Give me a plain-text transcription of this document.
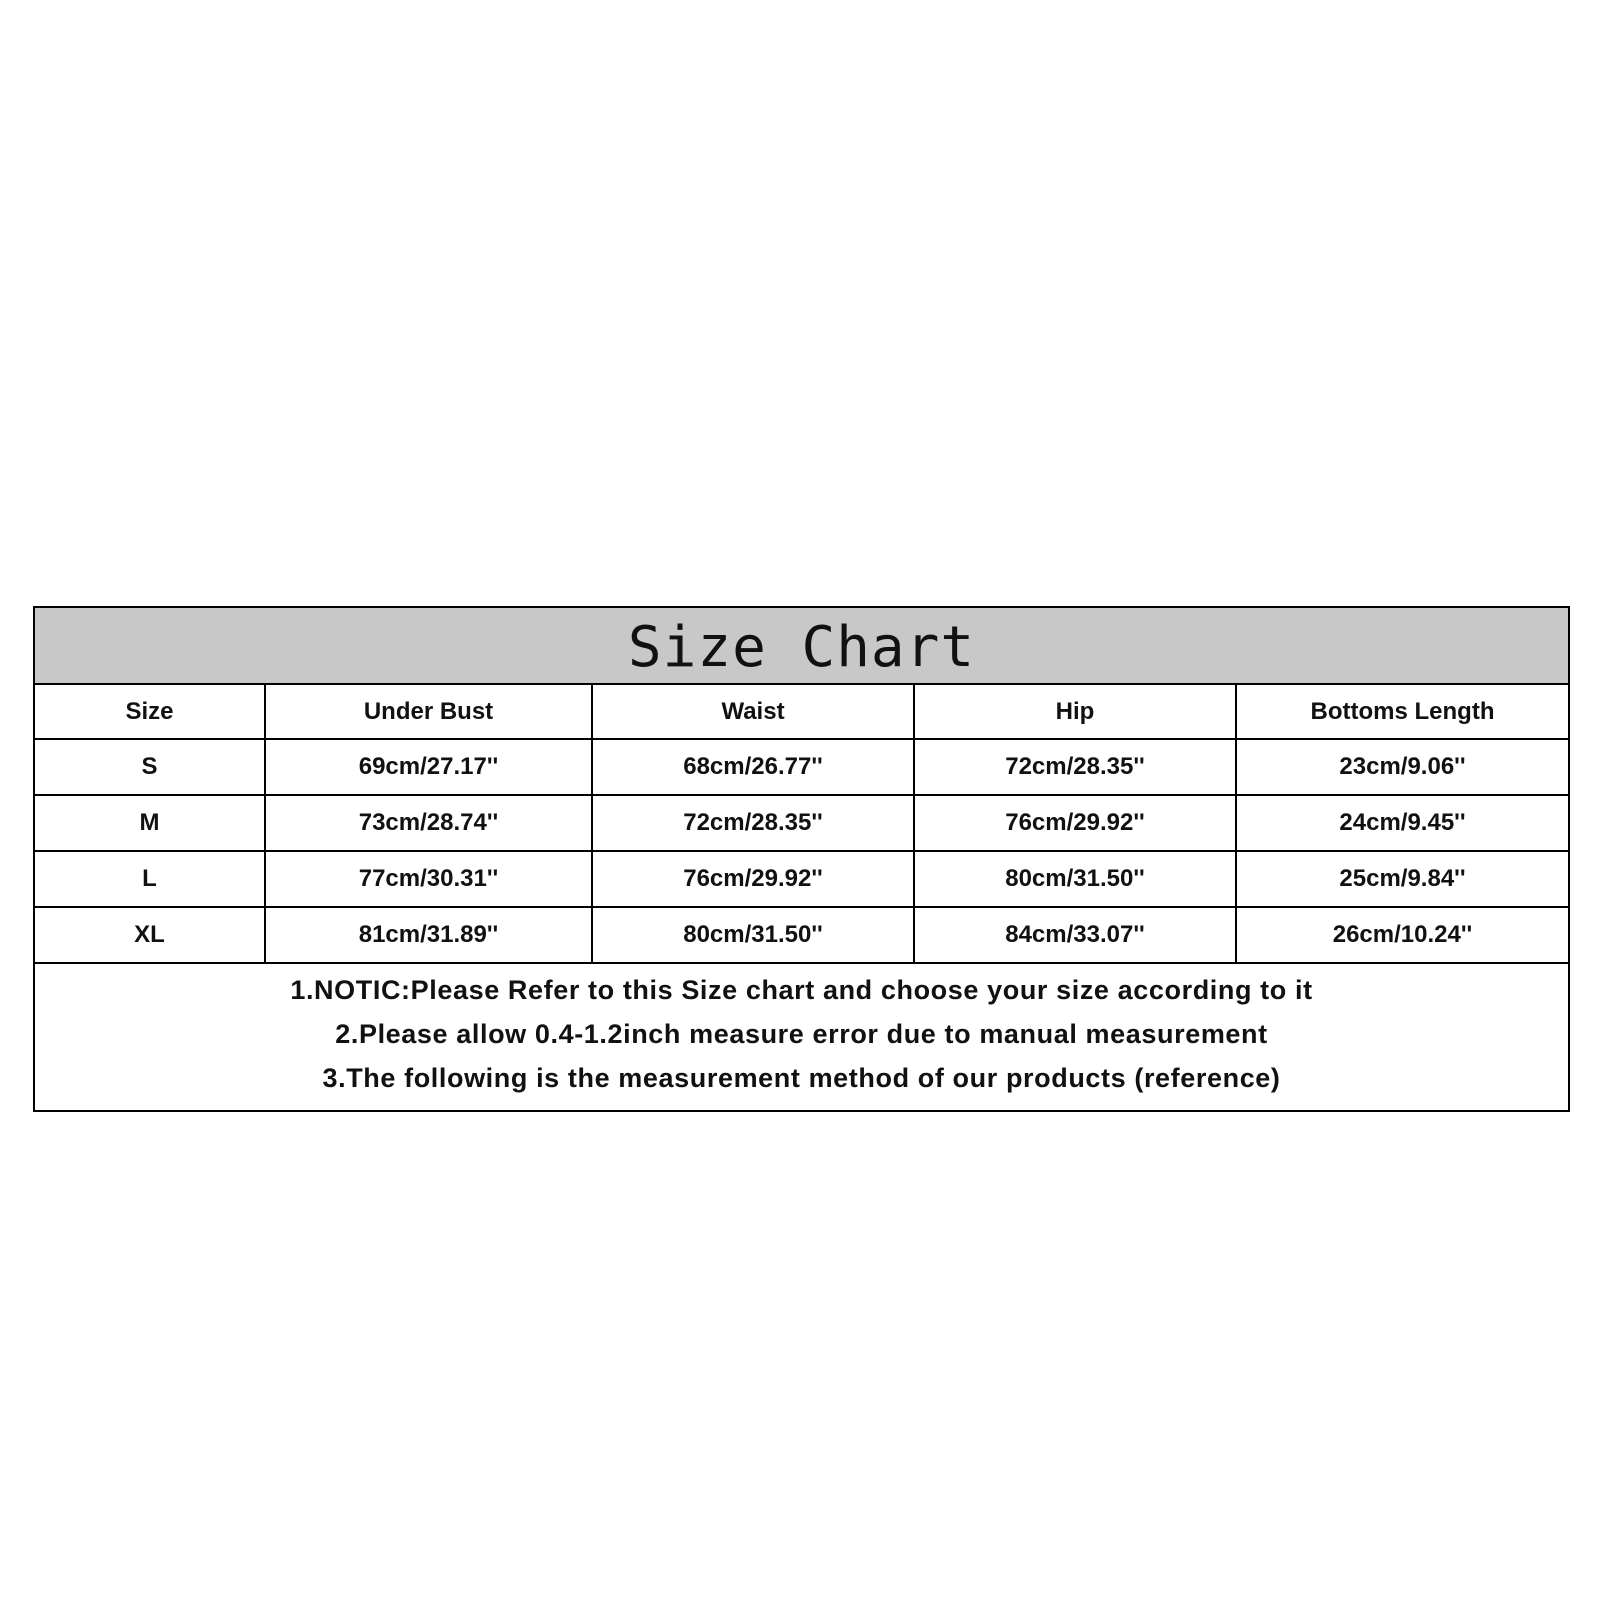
Size Chart
Size	Under Bust	Waist	Hip	Bottoms Length
S	69cm/27.17''	68cm/26.77''	72cm/28.35''	23cm/9.06''
M	73cm/28.74''	72cm/28.35''	76cm/29.92''	24cm/9.45''
L	77cm/30.31''	76cm/29.92''	80cm/31.50''	25cm/9.84''
XL	81cm/31.89''	80cm/31.50''	84cm/33.07''	26cm/10.24''
1.NOTIC:Please Refer to this Size chart and choose your size according to it
2.Please allow 0.4-1.2inch measure error due to manual measurement
3.The following is the measurement method of our products (reference)
